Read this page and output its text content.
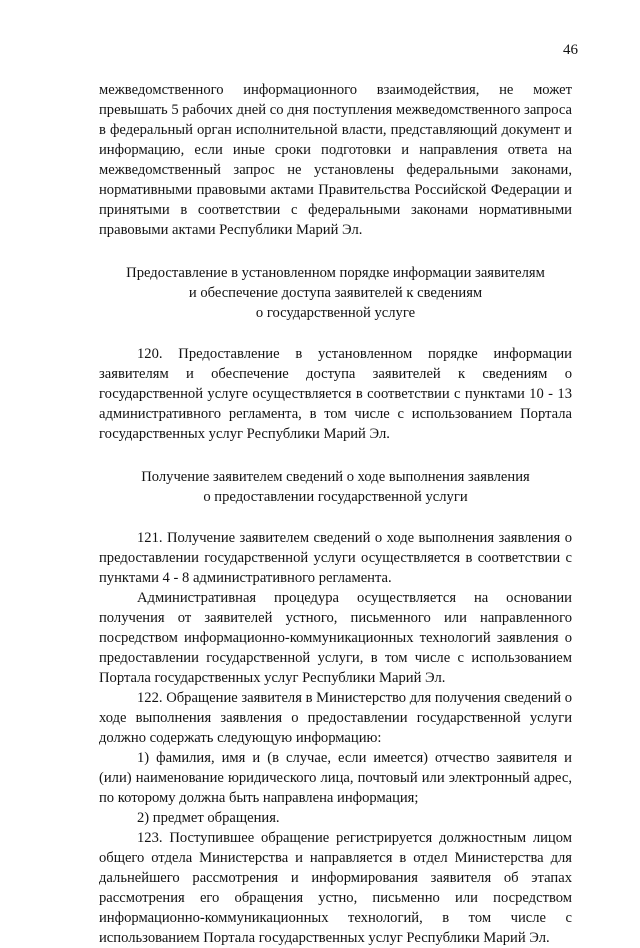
46

межведомственного информационного взаимодействия, не может превышать 5 рабочих дней со дня поступления межведомственного запроса в федеральный орган исполнительной власти, представляющий документ и информацию, если иные сроки подготовки и направления ответа на межведомственный запрос не установлены федеральными законами, нормативными правовыми актами Правительства Российской Федерации и принятыми в соответствии с федеральными законами нормативными правовыми актами Республики Марий Эл.

Предоставление в установленном порядке информации заявителям
и обеспечение доступа заявителей к сведениям
о государственной услуге

120. Предоставление в установленном порядке информации заявителям и обеспечение доступа заявителей к сведениям о государственной услуге осуществляется в соответствии с пунктами 10 - 13 административного регламента, в том числе с использованием Портала государственных услуг Республики Марий Эл.

Получение заявителем сведений о ходе выполнения заявления
о предоставлении государственной услуги

121. Получение заявителем сведений о ходе выполнения заявления о предоставлении государственной услуги осуществляется в соответствии с пунктами 4 - 8 административного регламента.

Административная процедура осуществляется на основании получения от заявителей устного, письменного или направленного посредством информационно-коммуникационных технологий заявления о предоставлении государственной услуги, в том числе с использованием Портала государственных услуг Республики Марий Эл.

122. Обращение заявителя в Министерство для получения сведений о ходе выполнения заявления о предоставлении государственной услуги должно содержать следующую информацию:

1) фамилия, имя и (в случае, если имеется) отчество заявителя и (или) наименование юридического лица, почтовый или электронный адрес, по которому должна быть направлена информация;

2) предмет обращения.

123. Поступившее обращение регистрируется должностным лицом общего отдела Министерства и направляется в отдел Министерства для дальнейшего рассмотрения и информирования заявителя об этапах рассмотрения его обращения устно, письменно или посредством информационно-коммуникационных технологий, в том числе с использованием Портала государственных услуг Республики Марий Эл.
